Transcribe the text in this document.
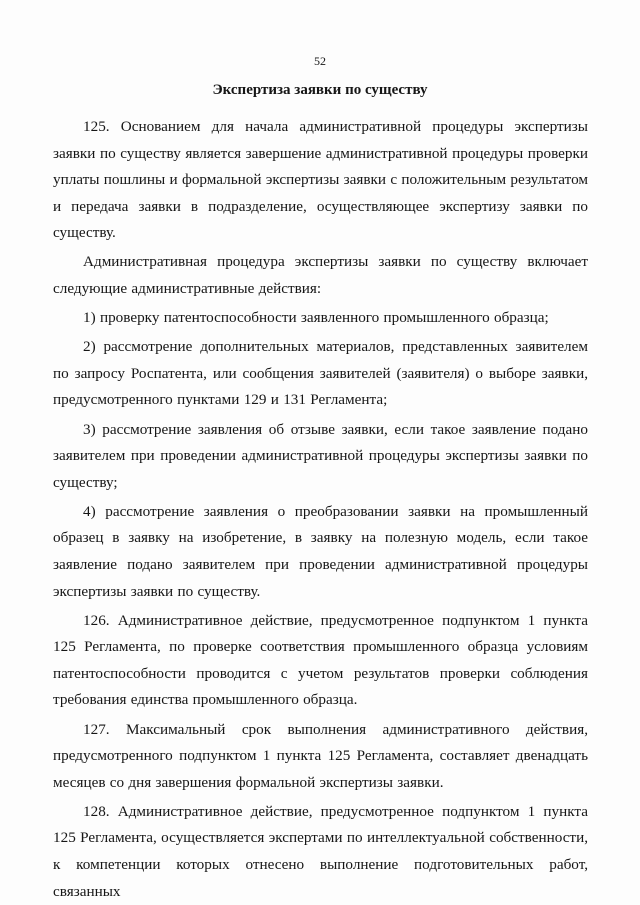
52
Экспертиза заявки по существу

125. Основанием для начала административной процедуры экспертизы заявки по существу является завершение административной процедуры проверки уплаты пошлины и формальной экспертизы заявки с положительным результатом и передача заявки в подразделение, осуществляющее экспертизу заявки по существу.

Административная процедура экспертизы заявки по существу включает следующие административные действия:

1) проверку патентоспособности заявленного промышленного образца;

2) рассмотрение дополнительных материалов, представленных заявителем по запросу Роспатента, или сообщения заявителей (заявителя) о выборе заявки, предусмотренного пунктами 129 и 131 Регламента;

3) рассмотрение заявления об отзыве заявки, если такое заявление подано заявителем при проведении административной процедуры экспертизы заявки по существу;

4) рассмотрение заявления о преобразовании заявки на промышленный образец в заявку на изобретение, в заявку на полезную модель, если такое заявление подано заявителем при проведении административной процедуры экспертизы заявки по существу.

126. Административное действие, предусмотренное подпунктом 1 пункта 125 Регламента, по проверке соответствия промышленного образца условиям патентоспособности проводится с учетом результатов проверки соблюдения требования единства промышленного образца.

127. Максимальный срок выполнения административного действия, предусмотренного подпунктом 1 пункта 125 Регламента, составляет двенадцать месяцев со дня завершения формальной экспертизы заявки.

128. Административное действие, предусмотренное подпунктом 1 пункта 125 Регламента, осуществляется экспертами по интеллектуальной собственности, к компетенции которых отнесено выполнение подготовительных работ, связанных
